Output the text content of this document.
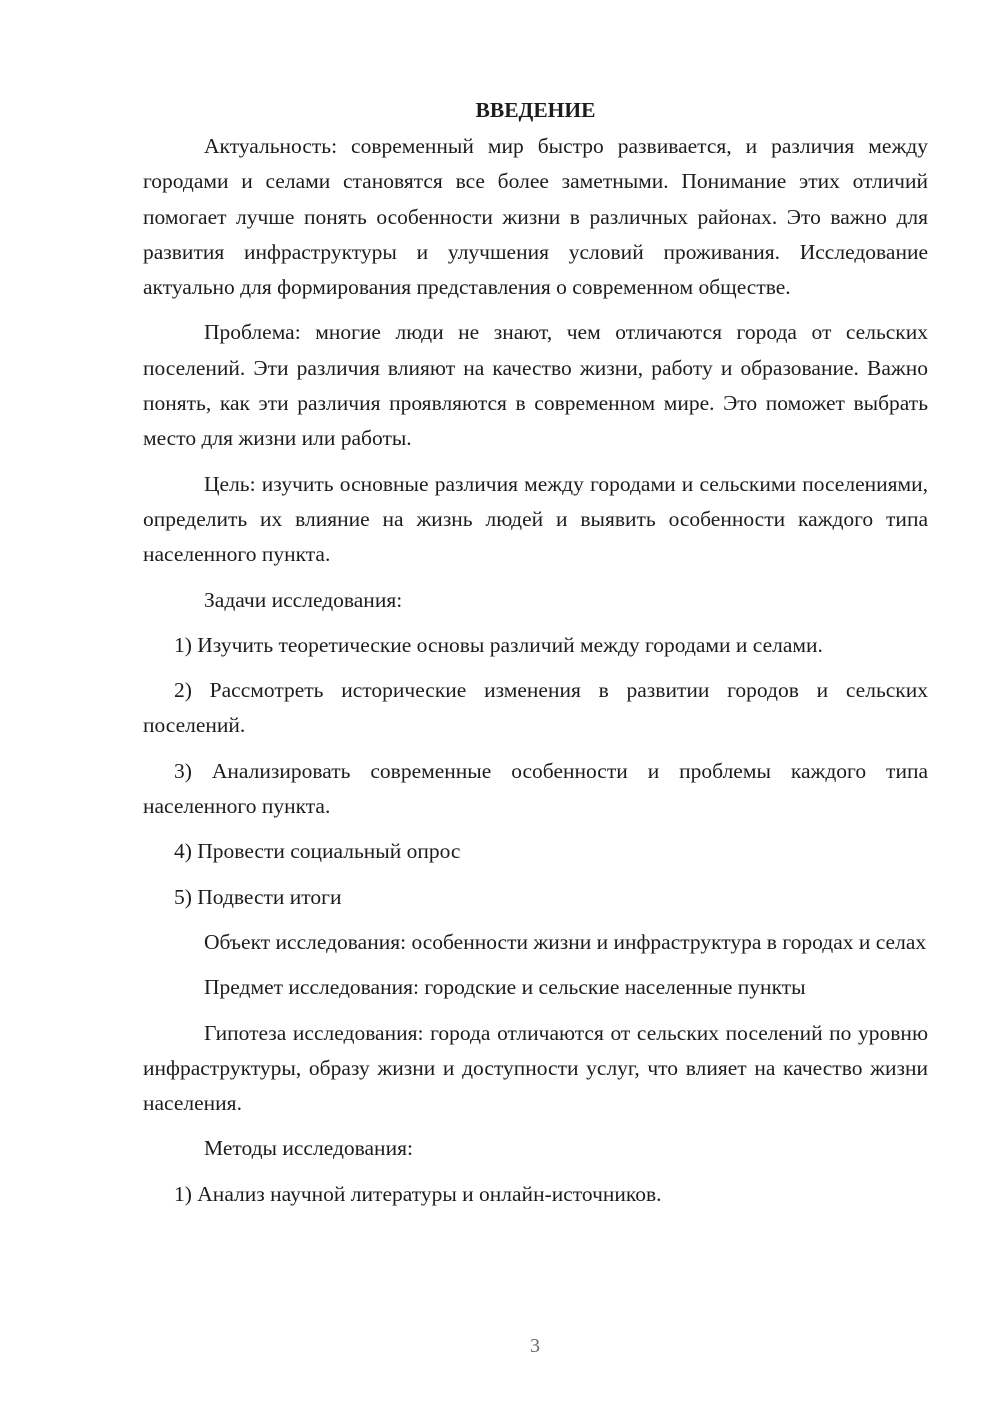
ВВЕДЕНИЕ

Актуальность: современный мир быстро развивается, и различия между городами и селами становятся все более заметными. Понимание этих отличий помогает лучше понять особенности жизни в различных районах. Это важно для развития инфраструктуры и улучшения условий проживания. Исследование актуально для формирования представления о современном обществе.

Проблема: многие люди не знают, чем отличаются города от сельских поселений. Эти различия влияют на качество жизни, работу и образование. Важно понять, как эти различия проявляются в современном мире. Это поможет выбрать место для жизни или работы.

Цель: изучить основные различия между городами и сельскими поселениями, определить их влияние на жизнь людей и выявить особенности каждого типа населенного пункта.

Задачи исследования:

1) Изучить теоретические основы различий между городами и селами.

2) Рассмотреть исторические изменения в развитии городов и сельских поселений.

3) Анализировать современные особенности и проблемы каждого типа населенного пункта.

4) Провести социальный опрос

5) Подвести итоги

Объект исследования: особенности жизни и инфраструктура в городах и селах

Предмет исследования: городские и сельские населенные пункты

Гипотеза исследования: города отличаются от сельских поселений по уровню инфраструктуры, образу жизни и доступности услуг, что влияет на качество жизни населения.

Методы исследования:

1) Анализ научной литературы и онлайн-источников.

3
